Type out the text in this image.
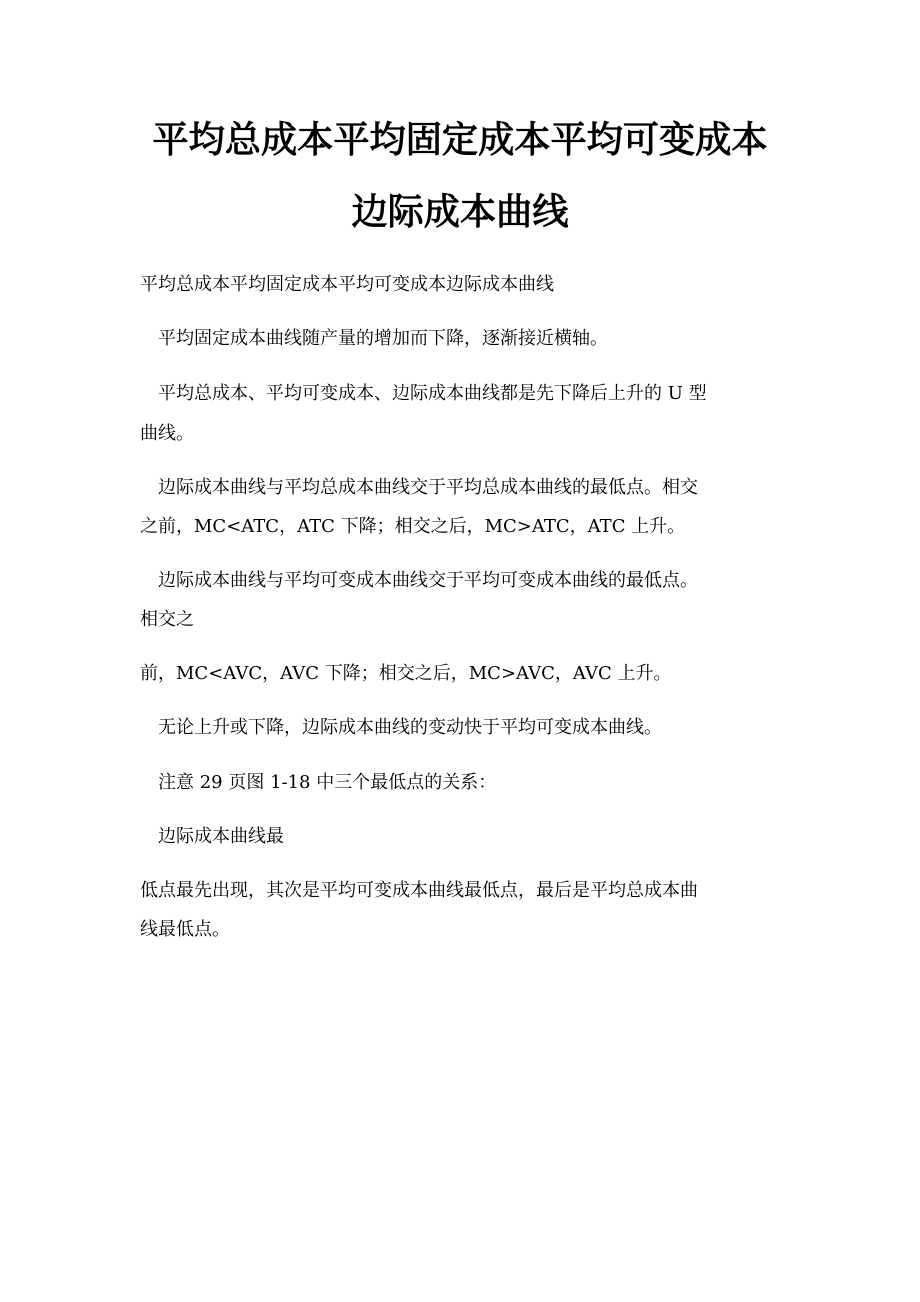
平均总成本平均固定成本平均可变成本
边际成本曲线
平均总成本平均固定成本平均可变成本边际成本曲线
　平均固定成本曲线随产量的增加而下降，逐渐接近横轴。
　平均总成本、平均可变成本、边际成本曲线都是先下降后上升的 U 型
曲线。
　边际成本曲线与平均总成本曲线交于平均总成本曲线的最低点。相交
之前，MC<ATC，ATC 下降；相交之后，MC>ATC，ATC 上升。
　边际成本曲线与平均可变成本曲线交于平均可变成本曲线的最低点。
相交之
前，MC<AVC，AVC 下降；相交之后，MC>AVC，AVC 上升。
　无论上升或下降，边际成本曲线的变动快于平均可变成本曲线。
　注意 29 页图 1-18 中三个最低点的关系：
　边际成本曲线最
低点最先出现，其次是平均可变成本曲线最低点，最后是平均总成本曲
线最低点。
